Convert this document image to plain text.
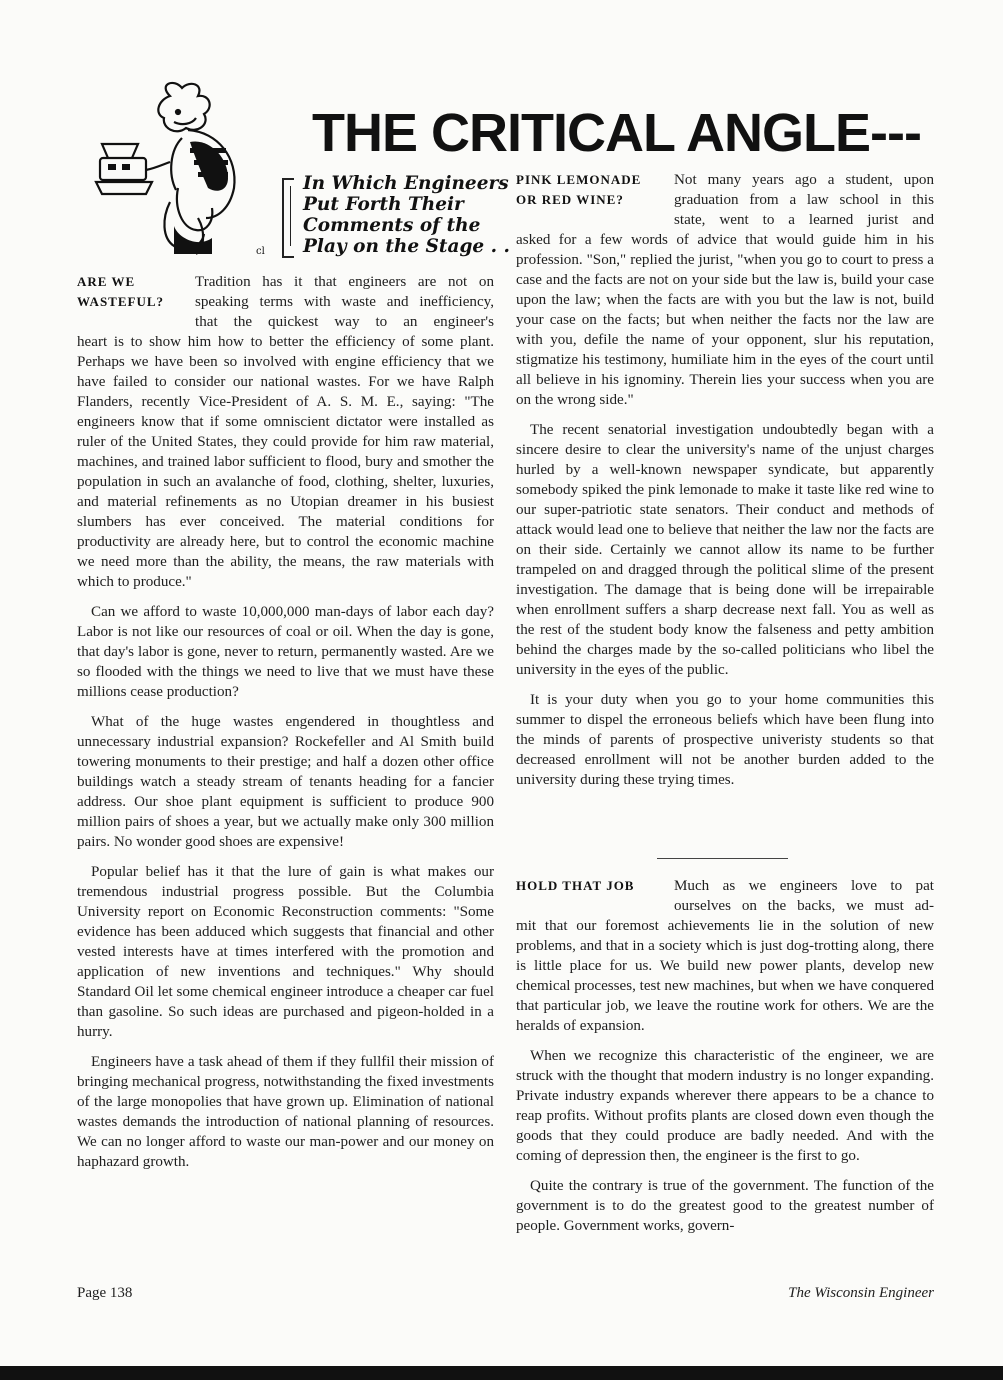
THE CRITICAL ANGLE---
cl
In Which Engineers
Put Forth Their
Comments of the
Play on the Stage . .
ARE WE
WASTEFUL?
Tradition has it that engineers are not on
speaking terms with waste and inefficiency,
that the quickest way to an engineer's

heart is to show him how to better the efficiency of some plant. Perhaps we have been so involved with engine efficiency that we have failed to consider our national wastes. For we have Ralph Flanders, recently Vice-President of A. S. M. E., saying: "The engineers know that if some omniscient dictator were installed as ruler of the United States, they could provide for him raw material, machines, and trained labor sufficient to flood, bury and smother the population in such an avalanche of food, clothing, shelter, luxuries, and material refinements as no Utopian dreamer in his busiest slumbers has ever conceived. The material conditions for productivity are already here, but to control the economic machine we need more than the ability, the means, the raw materials with which to produce."

Can we afford to waste 10,000,000 man-days of labor each day? Labor is not like our resources of coal or oil. When the day is gone, that day's labor is gone, never to return, permanently wasted. Are we so flooded with the things we need to live that we must have these millions cease production?

What of the huge wastes engendered in thoughtless and unnecessary industrial expansion? Rockefeller and Al Smith build towering monuments to their prestige; and half a dozen other office buildings watch a steady stream of tenants heading for a fancier address. Our shoe plant equipment is sufficient to produce 900 million pairs of shoes a year, but we actually make only 300 million pairs. No wonder good shoes are expensive!

Popular belief has it that the lure of gain is what makes our tremendous industrial progress possible. But the Columbia University report on Economic Reconstruction comments: "Some evidence has been adduced which suggests that financial and other vested interests have at times interfered with the promotion and application of new inventions and techniques." Why should Standard Oil let some chemical engineer introduce a cheaper car fuel than gasoline. So such ideas are purchased and pigeon-holded in a hurry.

Engineers have a task ahead of them if they fullfil their mission of bringing mechanical progress, notwithstanding the fixed investments of the large monopolies that have grown up. Elimination of national wastes demands the introduction of national planning of resources. We can no longer afford to waste our man-power and our money on haphazard growth.

PINK LEMONADE
OR RED WINE?
Not many years ago a student, upon
graduation from a law school in this
state, went to a learned jurist and

asked for a few words of advice that would guide him in his profession. "Son," replied the jurist, "when you go to court to press a case and the facts are not on your side but the law is, build your case upon the law; when the facts are with you but the law is not, build your case on the facts; but when neither the facts nor the law are with you, defile the name of your opponent, slur his reputation, stigmatize his testimony, humiliate him in the eyes of the court until all believe in his ignominy. Therein lies your success when you are on the wrong side."

The recent senatorial investigation undoubtedly began with a sincere desire to clear the university's name of the unjust charges hurled by a well-known newspaper syndicate, but apparently somebody spiked the pink lemonade to make it taste like red wine to our super-patriotic state senators. Their conduct and methods of attack would lead one to believe that neither the law nor the facts are on their side. Certainly we cannot allow its name to be further trampeled on and dragged through the political slime of the present investigation. The damage that is being done will be irrepairable when enrollment suffers a sharp decrease next fall. You as well as the rest of the student body know the falseness and petty ambition behind the charges made by the so-called politicians who libel the university in the eyes of the public.

It is your duty when you go to your home communities this summer to dispel the erroneous beliefs which have been flung into the minds of parents of prospective univeristy students so that decreased enrollment will not be another burden added to the university during these trying times.

HOLD THAT JOB	Much as we engineers love to pat
ourselves on the backs, we must ad-

mit that our foremost achievements lie in the solution of new problems, and that in a society which is just dog-trotting along, there is little place for us. We build new power plants, develop new chemical processes, test new machines, but when we have conquered that particular job, we leave the routine work for others. We are the heralds of expansion.

When we recognize this characteristic of the engineer, we are struck with the thought that modern industry is no longer expanding. Private industry expands wherever there appears to be a chance to reap profits. Without profits plants are closed down even though the goods that they could produce are badly needed. And with the coming of depression then, the engineer is the first to go.

Quite the contrary is true of the government. The function of the government is to do the greatest good to the greatest number of people. Government works, govern-

Page 138	The Wisconsin Engineer
